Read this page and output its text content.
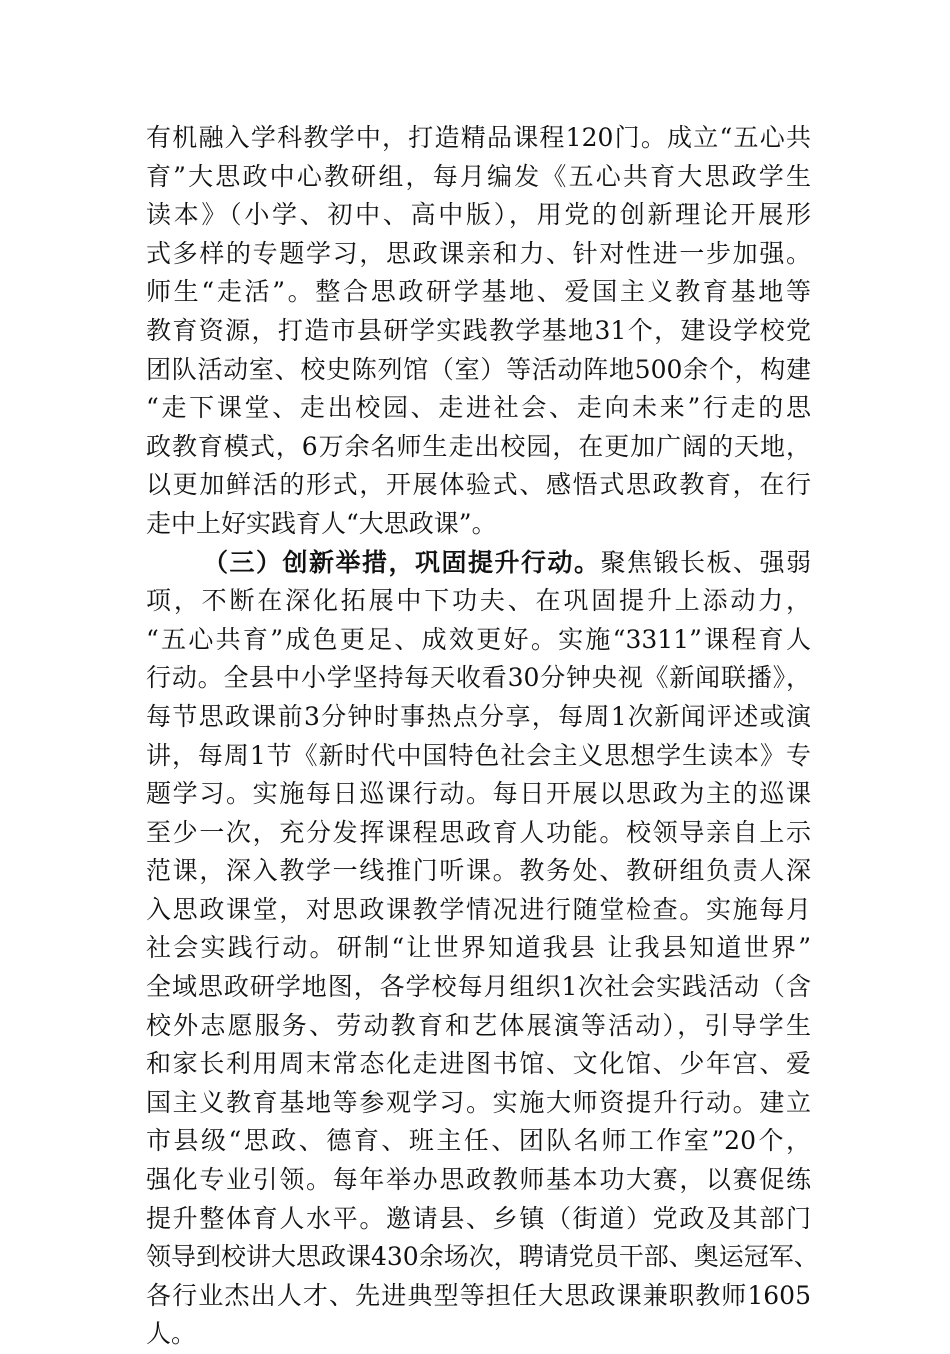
有机融入学科教学中，打造精品课程120门。成立“五心共
育”大思政中心教研组，每月编发《五心共育大思政学生
读本》（小学、初中、高中版），用党的创新理论开展形
式多样的专题学习，思政课亲和力、针对性进一步加强。
师生“走活”。整合思政研学基地、爱国主义教育基地等
教育资源，打造市县研学实践教学基地31个，建设学校党
团队活动室、校史陈列馆（室）等活动阵地500余个，构建
“走下课堂、走出校园、走进社会、走向未来”行走的思
政教育模式，6万余名师生走出校园，在更加广阔的天地，
以更加鲜活的形式，开展体验式、感悟式思政教育，在行
走中上好实践育人“大思政课”。
（三）创新举措，巩固提升行动。聚焦锻长板、强弱
项，不断在深化拓展中下功夫、在巩固提升上添动力，
“五心共育”成色更足、成效更好。实施“3311”课程育人
行动。全县中小学坚持每天收看30分钟央视《新闻联播》，
每节思政课前3分钟时事热点分享，每周1次新闻评述或演
讲，每周1节《新时代中国特色社会主义思想学生读本》专
题学习。实施每日巡课行动。每日开展以思政为主的巡课
至少一次，充分发挥课程思政育人功能。校领导亲自上示
范课，深入教学一线推门听课。教务处、教研组负责人深
入思政课堂，对思政课教学情况进行随堂检查。实施每月
社会实践行动。研制“让世界知道我县 让我县知道世界”
全域思政研学地图，各学校每月组织1次社会实践活动（含
校外志愿服务、劳动教育和艺体展演等活动），引导学生
和家长利用周末常态化走进图书馆、文化馆、少年宫、爱
国主义教育基地等参观学习。实施大师资提升行动。建立
市县级“思政、德育、班主任、团队名师工作室”20个，
强化专业引领。每年举办思政教师基本功大赛，以赛促练
提升整体育人水平。邀请县、乡镇（街道）党政及其部门
领导到校讲大思政课430余场次，聘请党员干部、奥运冠军、
各行业杰出人才、先进典型等担任大思政课兼职教师1605
人。
